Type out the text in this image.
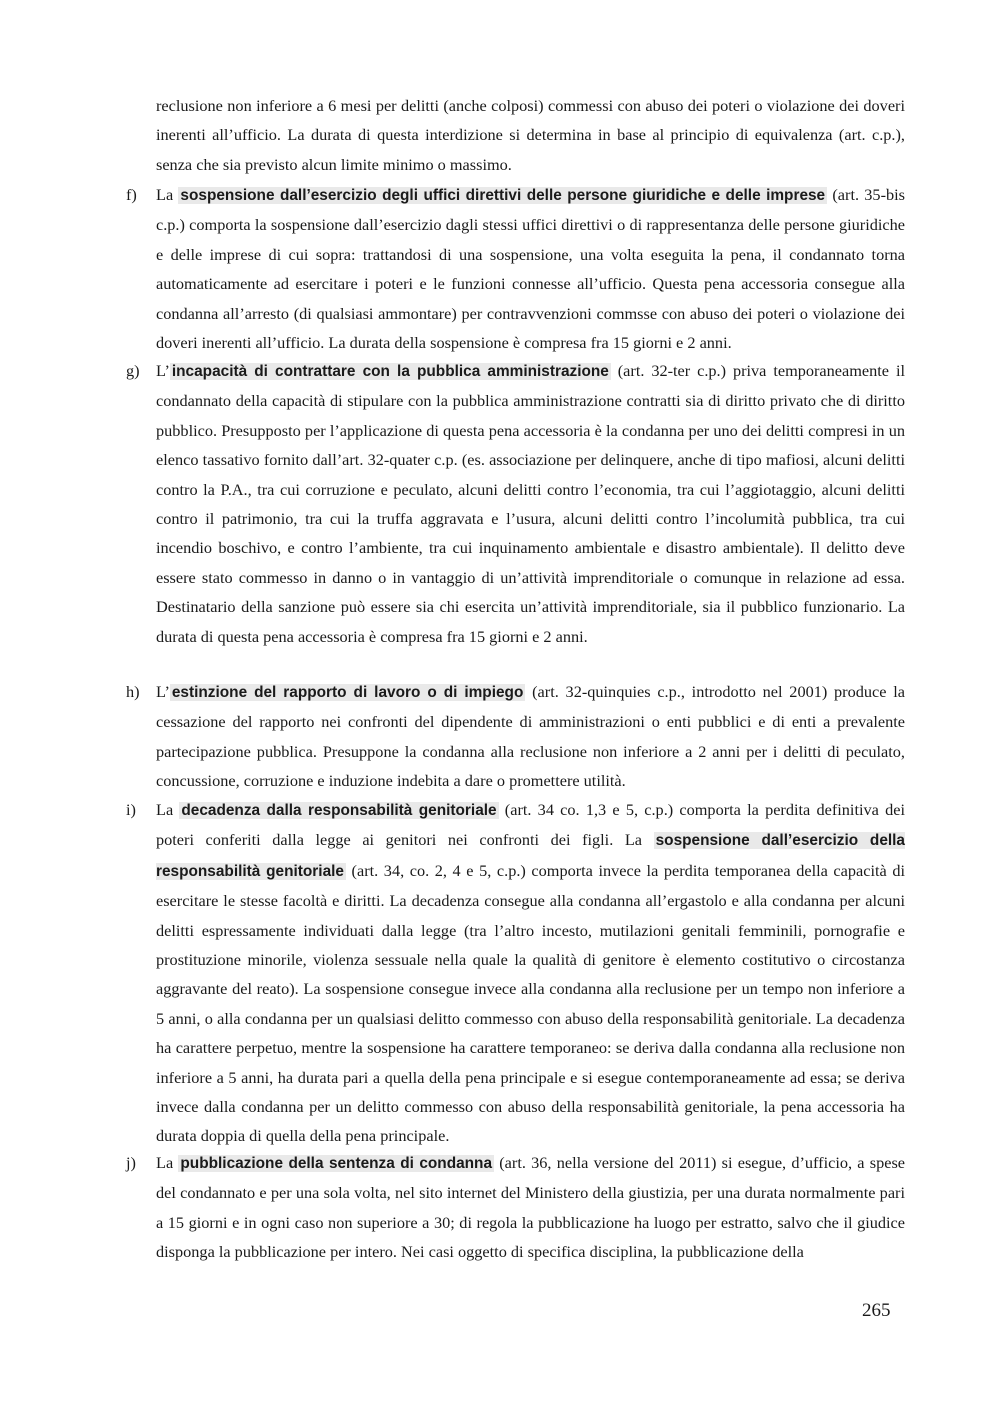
reclusione non inferiore a 6 mesi per delitti (anche colposi) commessi con abuso dei poteri o violazione dei doveri inerenti all’ufficio. La durata di questa interdizione si determina in base al principio di equivalenza (art. c.p.), senza che sia previsto alcun limite minimo o massimo.

f) La sospensione dall’esercizio degli uffici direttivi delle persone giuridiche e delle imprese (art. 35-bis c.p.) comporta la sospensione dall’esercizio dagli stessi uffici direttivi o di rappresentanza delle persone giuridiche e delle imprese di cui sopra: trattandosi di una sospensione, una volta eseguita la pena, il condannato torna automaticamente ad esercitare i poteri e le funzioni connesse all’ufficio. Questa pena accessoria consegue alla condanna all’arresto (di qualsiasi ammontare) per contravvenzioni commsse con abuso dei poteri o violazione dei doveri inerenti all’ufficio. La durata della sospensione è compresa fra 15 giorni e 2 anni.
g) L’ incapacità di contrattare con la pubblica amministrazione (art. 32-ter c.p.) priva temporaneamente il condannato della capacità di stipulare con la pubblica amministrazione contratti sia di diritto privato che di diritto pubblico. Presupposto per l’applicazione di questa pena accessoria è la condanna per uno dei delitti compresi in un elenco tassativo fornito dall’art. 32-quater c.p. (es. associazione per delinquere, anche di tipo mafiosi, alcuni delitti contro la P.A., tra cui corruzione e peculato, alcuni delitti contro l’economia, tra cui l’aggiotaggio, alcuni delitti contro il patrimonio, tra cui la truffa aggravata e l’usura, alcuni delitti contro l’incolumità pubblica, tra cui incendio boschivo, e contro l’ambiente, tra cui inquinamento ambientale e disastro ambientale). Il delitto deve essere stato commesso in danno o in vantaggio di un’attività imprenditoriale o comunque in relazione ad essa. Destinatario della sanzione può essere sia chi esercita un’attività imprenditoriale, sia il pubblico funzionario. La durata di questa pena accessoria è compresa fra 15 giorni e 2 anni.
h) L’ estinzione del rapporto di lavoro o di impiego (art. 32-quinquies c.p., introdotto nel 2001) produce la cessazione del rapporto nei confronti del dipendente di amministrazioni o enti pubblici e di enti a prevalente partecipazione pubblica. Presuppone la condanna alla reclusione non inferiore a 2 anni per i delitti di peculato, concussione, corruzione e induzione indebita a dare o promettere utilità.
i) La decadenza dalla responsabilità genitoriale (art. 34 co. 1,3 e 5, c.p.) comporta la perdita definitiva dei poteri conferiti dalla legge ai genitori nei confronti dei figli. La sospensione dall’esercizio della responsabilità genitoriale (art. 34, co. 2, 4 e 5, c.p.) comporta invece la perdita temporanea della capacità di esercitare le stesse facoltà e diritti. La decadenza consegue alla condanna all’ergastolo e alla condanna per alcuni delitti espressamente individuati dalla legge (tra l’altro incesto, mutilazioni genitali femminili, pornografie e prostituzione minorile, violenza sessuale nella quale la qualità di genitore è elemento costitutivo o circostanza aggravante del reato). La sospensione consegue invece alla condanna alla reclusione per un tempo non inferiore a 5 anni, o alla condanna per un qualsiasi delitto commesso con abuso della responsabilità genitoriale. La decadenza ha carattere perpetuo, mentre la sospensione ha carattere temporaneo: se deriva dalla condanna alla reclusione non inferiore a 5 anni, ha durata pari a quella della pena principale e si esegue contemporaneamente ad essa; se deriva invece dalla condanna per un delitto commesso con abuso della responsabilità genitoriale, la pena accessoria ha durata doppia di quella della pena principale.
j) La pubblicazione della sentenza di condanna (art. 36, nella versione del 2011) si esegue, d’ufficio, a spese del condannato e per una sola volta, nel sito internet del Ministero della giustizia, per una durata normalmente pari a 15 giorni e in ogni caso non superiore a 30; di regola la pubblicazione ha luogo per estratto, salvo che il giudice disponga la pubblicazione per intero. Nei casi oggetto di specifica disciplina, la pubblicazione della
265
